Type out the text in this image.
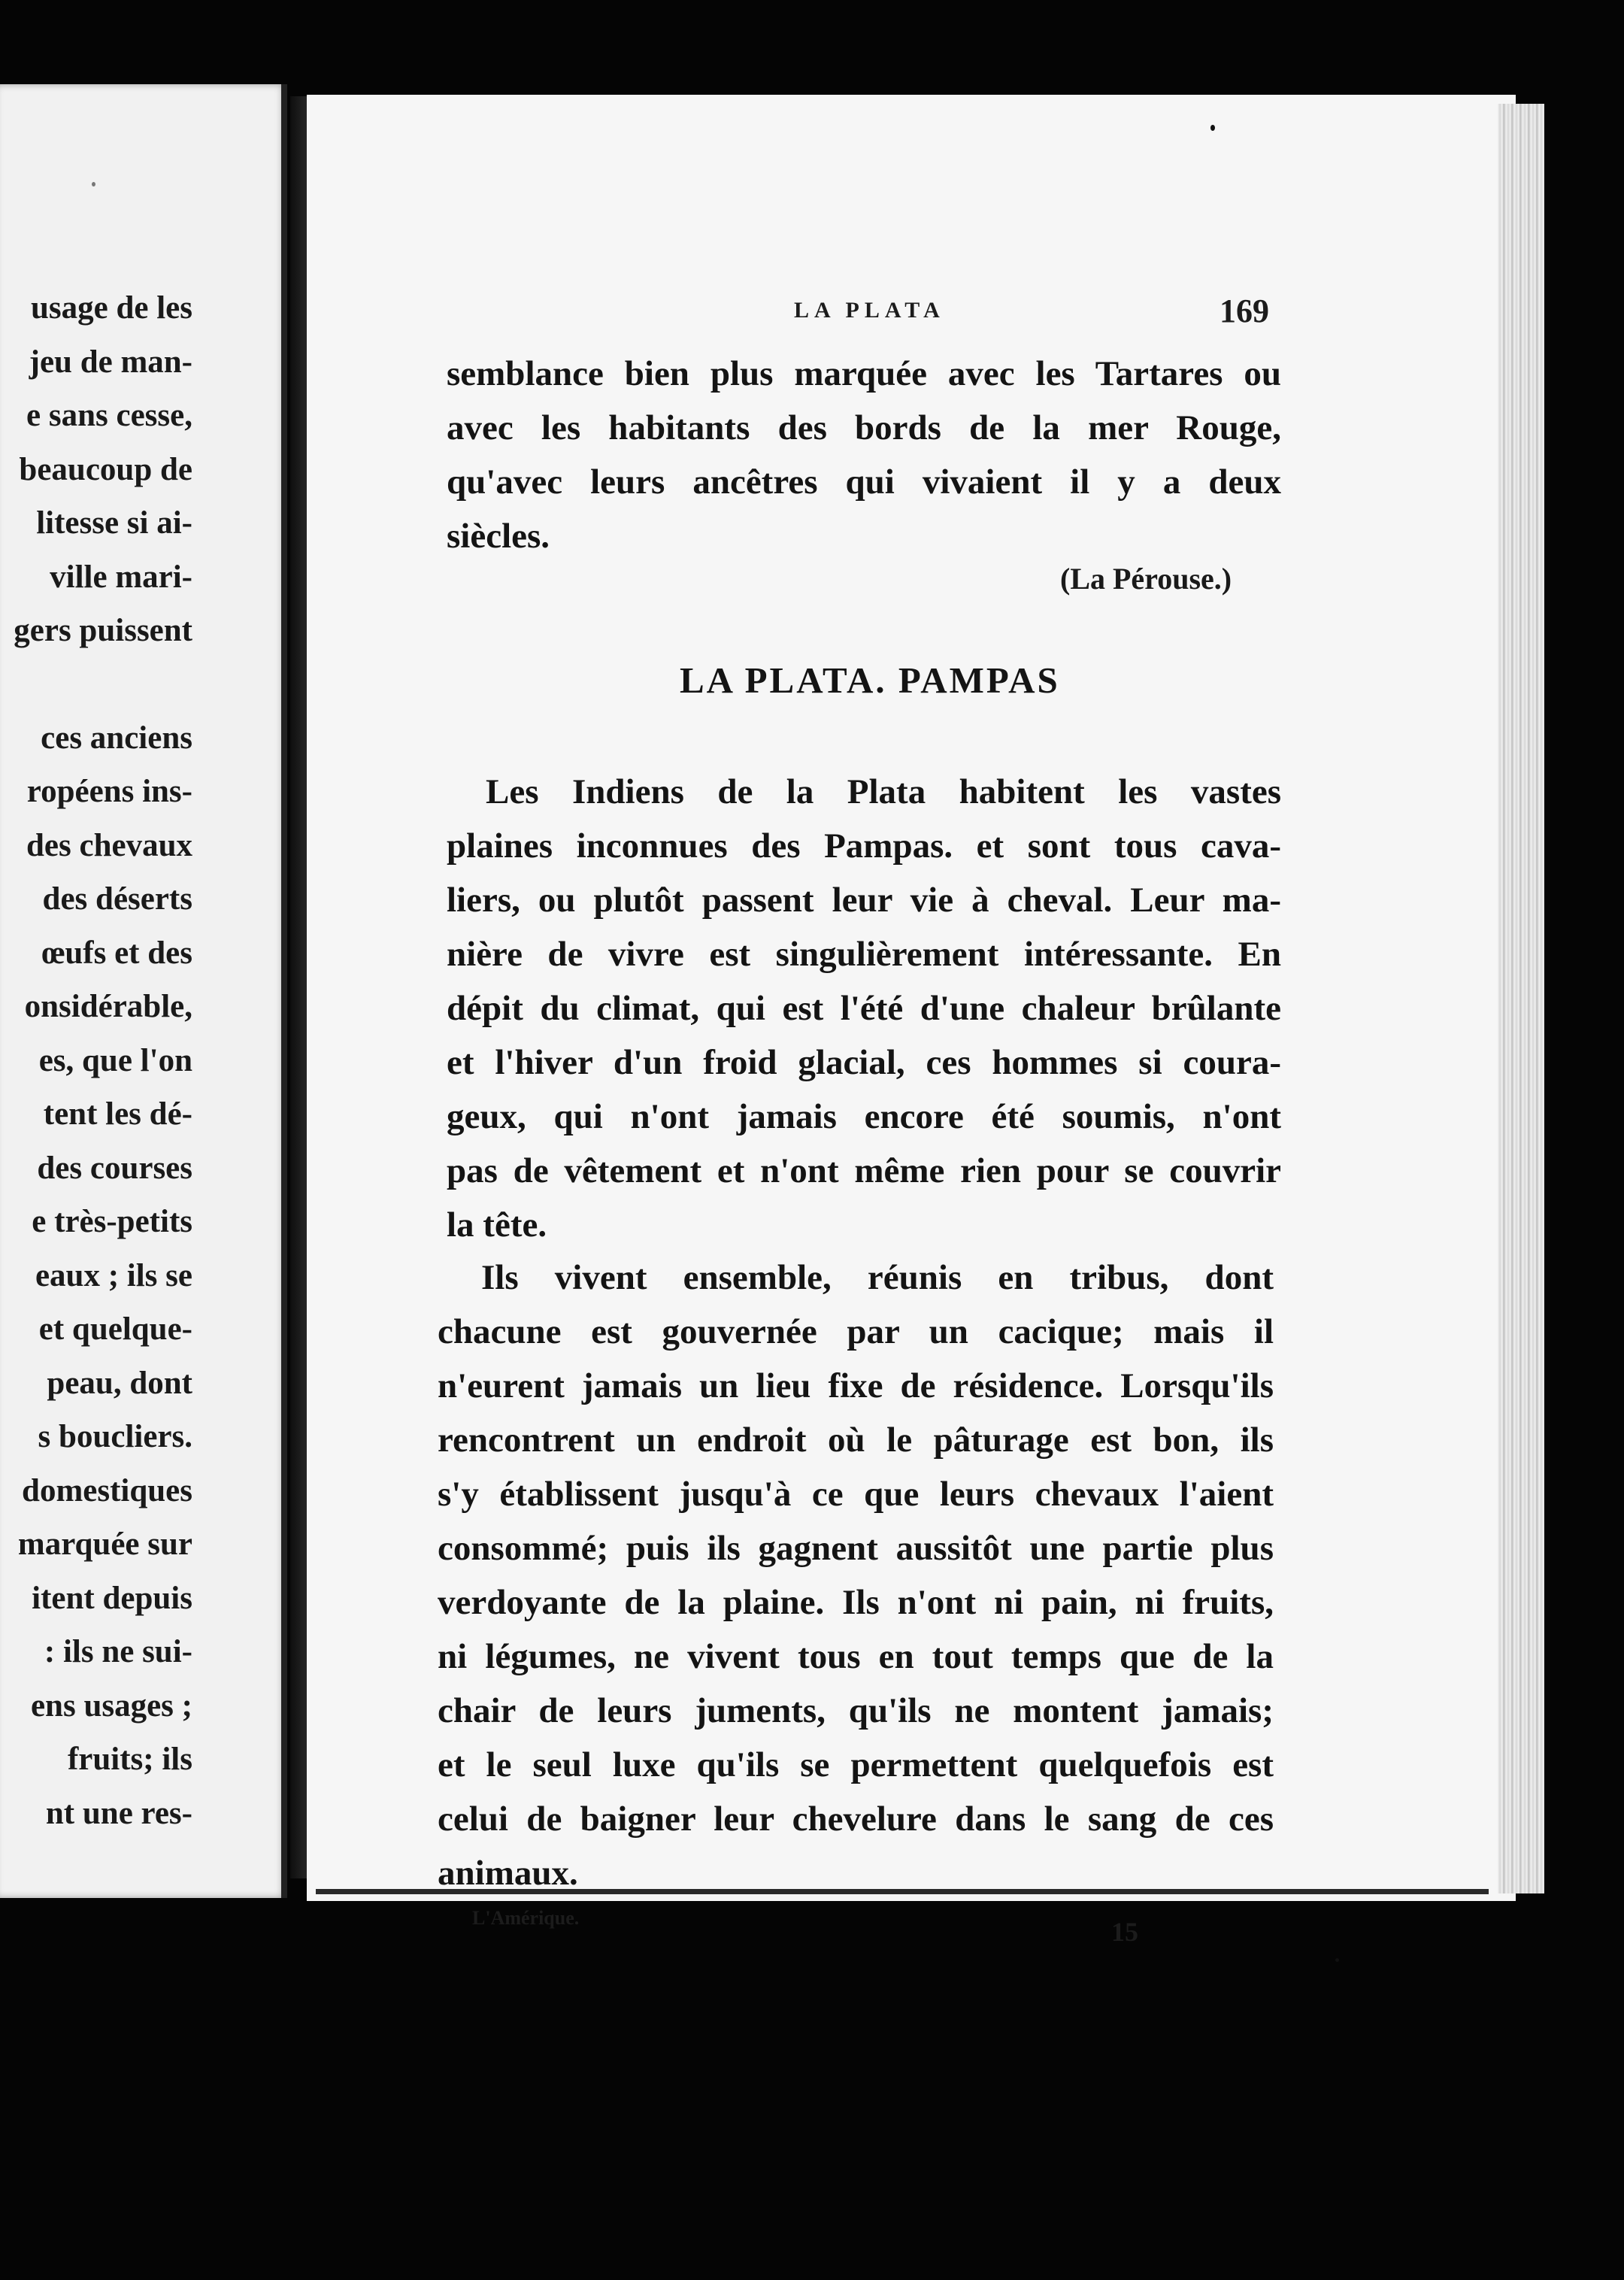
usage de les
jeu de man-
e sans cesse,
beaucoup de
litesse si ai-
ville mari-
gers puissent
ces anciens
ropéens ins-
des chevaux
des déserts
œufs et des
onsidérable,
es, que l'on
tent les dé-
des courses
e très-petits
eaux ; ils se
et quelque-
peau, dont
s boucliers.
domestiques
marquée sur
itent depuis
: ils ne sui-
ens usages ;
fruits; ils
nt une res-
LA PLATA	169
semblance bien plus marquée avec les Tartares ou
avec les habitants des bords de la mer Rouge,
qu'avec leurs ancêtres qui vivaient il y a deux
siècles.
(La Pérouse.)
LA PLATA. PAMPAS
Les Indiens de la Plata habitent les vastes
plaines inconnues des Pampas. et sont tous cava-
liers, ou plutôt passent leur vie à cheval. Leur ma-
nière de vivre est singulièrement intéressante. En
dépit du climat, qui est l'été d'une chaleur brûlante
et l'hiver d'un froid glacial, ces hommes si coura-
geux, qui n'ont jamais encore été soumis, n'ont
pas de vêtement et n'ont même rien pour se couvrir
la tête.
Ils vivent ensemble, réunis en tribus, dont
chacune est gouvernée par un cacique; mais il
n'eurent jamais un lieu fixe de résidence. Lorsqu'ils
rencontrent un endroit où le pâturage est bon, ils
s'y établissent jusqu'à ce que leurs chevaux l'aient
consommé; puis ils gagnent aussitôt une partie plus
verdoyante de la plaine. Ils n'ont ni pain, ni fruits,
ni légumes, ne vivent tous en tout temps que de la
chair de leurs juments, qu'ils ne montent jamais;
et le seul luxe qu'ils se permettent quelquefois est
celui de baigner leur chevelure dans le sang de ces
animaux.
L'Amérique.	15
